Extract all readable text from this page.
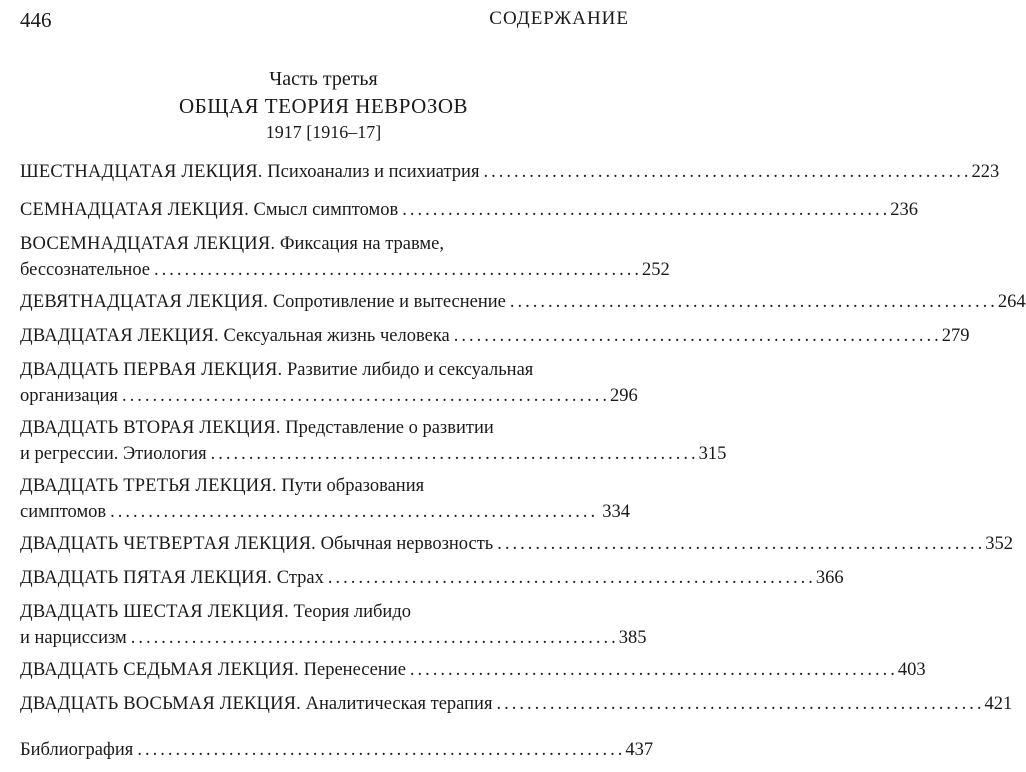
446	СОДЕРЖАНИЕ
Часть третья
ОБЩАЯ ТЕОРИЯ НЕВРОЗОВ
1917 [1916–17]
ШЕСТНАДЦАТАЯ ЛЕКЦИЯ. Психоанализ и психиатрия ................................................................ 223
СЕМНАДЦАТАЯ ЛЕКЦИЯ. Смысл симптомов ................................................................ 236
ВОСЕМНАДЦАТАЯ ЛЕКЦИЯ. Фиксация на травме,
бессознательное ................................................................ 252
ДЕВЯТНАДЦАТАЯ ЛЕКЦИЯ. Сопротивление и вытеснение ................................................................ 264
ДВАДЦАТАЯ ЛЕКЦИЯ. Сексуальная жизнь человека ................................................................ 279
ДВАДЦАТЬ ПЕРВАЯ ЛЕКЦИЯ. Развитие либидо и сексуальная
организация ................................................................ 296
ДВАДЦАТЬ ВТОРАЯ ЛЕКЦИЯ. Представление о развитии
и регрессии. Этиология ................................................................ 315
ДВАДЦАТЬ ТРЕТЬЯ ЛЕКЦИЯ. Пути образования
симптомов ................................................................ 334
ДВАДЦАТЬ ЧЕТВЕРТАЯ ЛЕКЦИЯ. Обычная нервозность ................................................................ 352
ДВАДЦАТЬ ПЯТАЯ ЛЕКЦИЯ. Страх ................................................................ 366
ДВАДЦАТЬ ШЕСТАЯ ЛЕКЦИЯ. Теория либидо
и нарциссизм ................................................................ 385
ДВАДЦАТЬ СЕДЬМАЯ ЛЕКЦИЯ. Перенесение ................................................................ 403
ДВАДЦАТЬ ВОСЬМАЯ ЛЕКЦИЯ. Аналитическая терапия ................................................................ 421
Библиография ................................................................ 437
